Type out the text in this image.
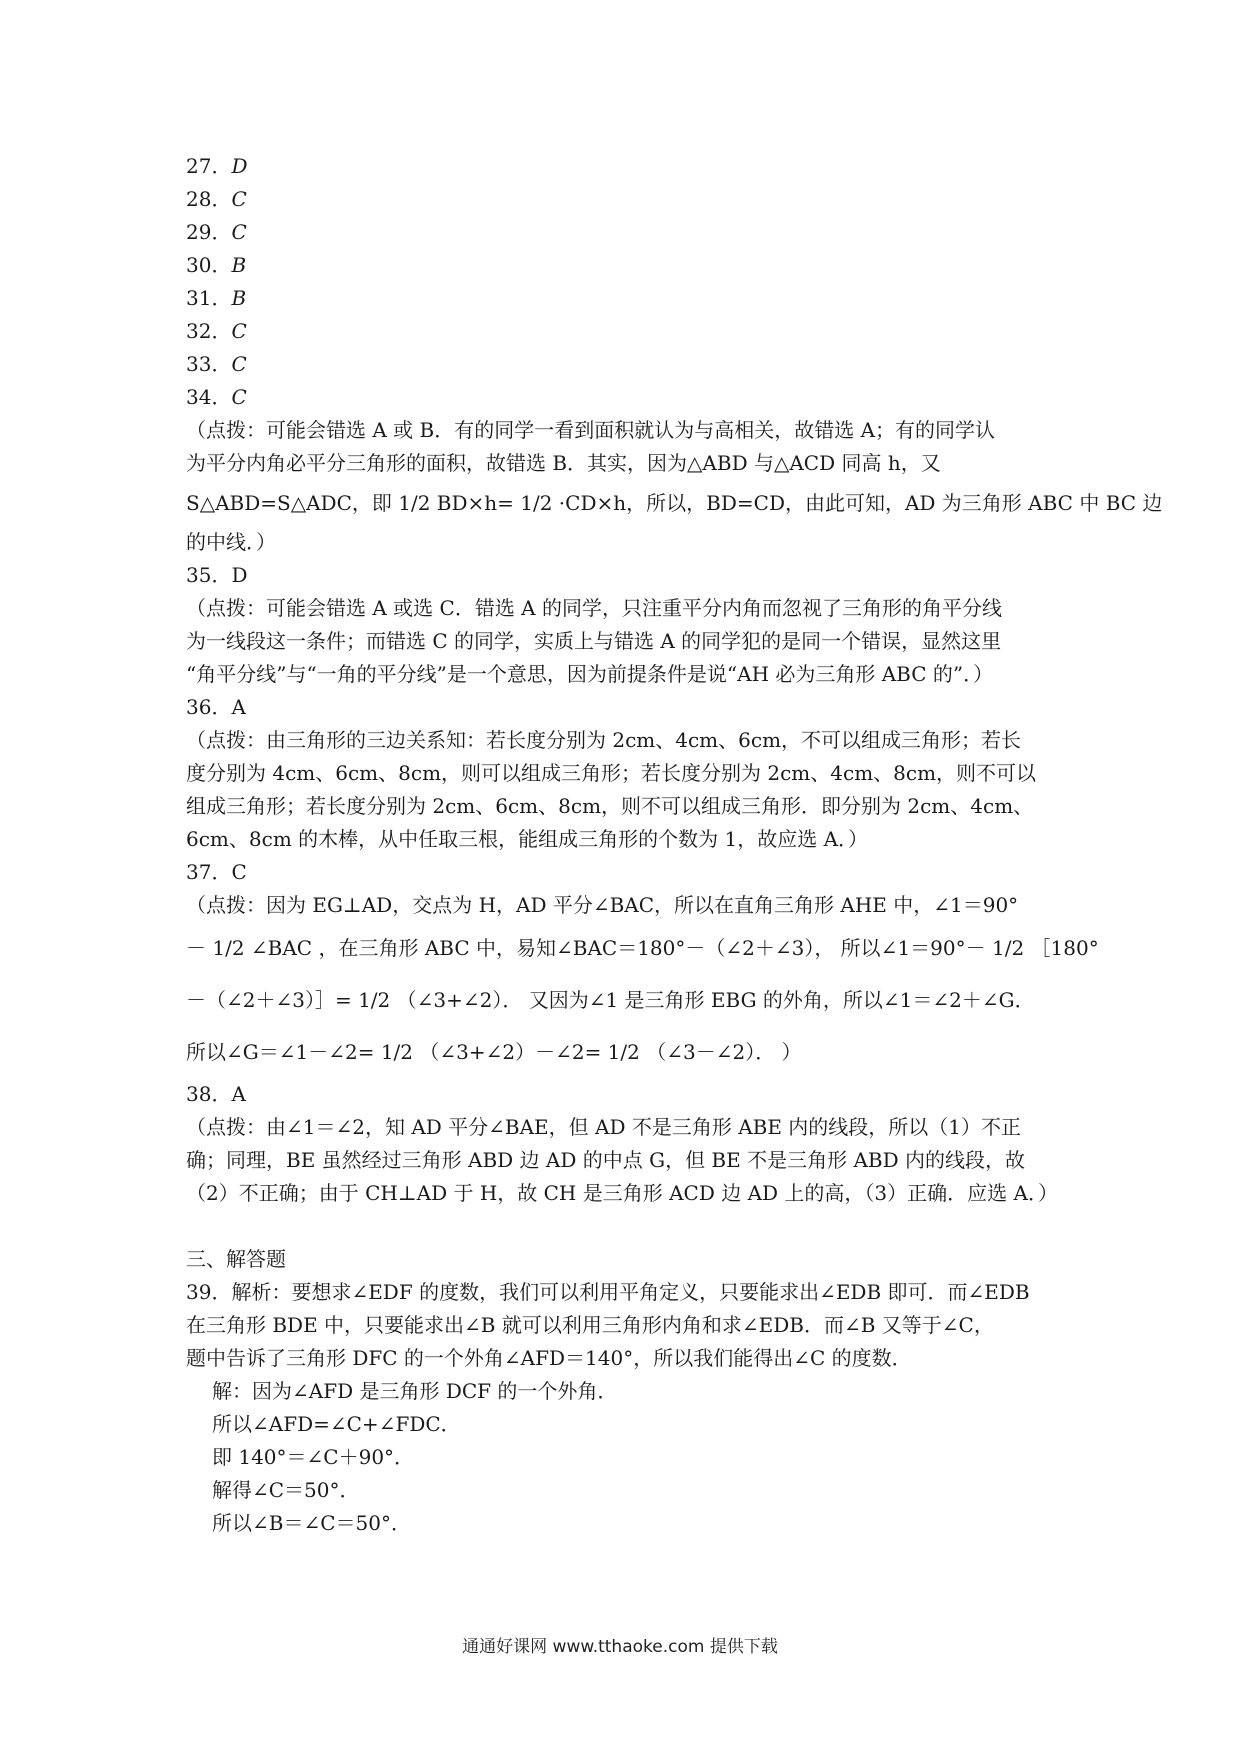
27．D
28．C
29．C
30．B
31．B
32．C
33．C
34．C
（点拨：可能会错选 A 或 B．有的同学一看到面积就认为与高相关，故错选 A；有的同学认
为平分内角必平分三角形的面积，故错选 B．其实，因为△ABD 与△ACD 同高 h，又
S△ABD=S△ADC，即 1/2 BD×h= 1/2 ·CD×h，所以，BD=CD，由此可知，AD 为三角形 ABC 中 BC 边
的中线．）
35．D
（点拨：可能会错选 A 或选 C．错选 A 的同学，只注重平分内角而忽视了三角形的角平分线
为一线段这一条件；而错选 C 的同学，实质上与错选 A 的同学犯的是同一个错误，显然这里
“角平分线”与“一角的平分线”是一个意思，因为前提条件是说“AH 必为三角形 ABC 的”．）
36．A
（点拨：由三角形的三边关系知：若长度分别为 2cm、4cm、6cm，不可以组成三角形；若长
度分别为 4cm、6cm、8cm，则可以组成三角形；若长度分别为 2cm、4cm、8cm，则不可以
组成三角形；若长度分别为 2cm、6cm、8cm，则不可以组成三角形．即分别为 2cm、4cm、
6cm、8cm 的木棒，从中任取三根，能组成三角形的个数为 1，故应选 A．）
37．C
（点拨：因为 EG⊥AD，交点为 H，AD 平分∠BAC，所以在直角三角形 AHE 中，∠1＝90°
－ 1/2 ∠BAC ，在三角形 ABC 中，易知∠BAC＝180°－（∠2＋∠3）， 所以∠1＝90°－ 1/2 ［180°
－（∠2＋∠3）］= 1/2 （∠3+∠2）． 又因为∠1 是三角形 EBG 的外角，所以∠1＝∠2＋∠G．
所以∠G＝∠1－∠2= 1/2 （∠3+∠2）－∠2= 1/2 （∠3－∠2）． ）
38．A
（点拨：由∠1＝∠2，知 AD 平分∠BAE，但 AD 不是三角形 ABE 内的线段，所以（1）不正
确；同理，BE 虽然经过三角形 ABD 边 AD 的中点 G，但 BE 不是三角形 ABD 内的线段，故
（2）不正确；由于 CH⊥AD 于 H，故 CH 是三角形 ACD 边 AD 上的高，（3）正确．应选 A．）
三、解答题
39．解析：要想求∠EDF 的度数，我们可以利用平角定义，只要能求出∠EDB 即可．而∠EDB
在三角形 BDE 中，只要能求出∠B 就可以利用三角形内角和求∠EDB．而∠B 又等于∠C，
题中告诉了三角形 DFC 的一个外角∠AFD＝140°，所以我们能得出∠C 的度数．
解：因为∠AFD 是三角形 DCF 的一个外角．
所以∠AFD=∠C+∠FDC．
即 140°＝∠C＋90°．
解得∠C＝50°．
所以∠B＝∠C＝50°．
通通好课网 www.tthaoke.com 提供下载
